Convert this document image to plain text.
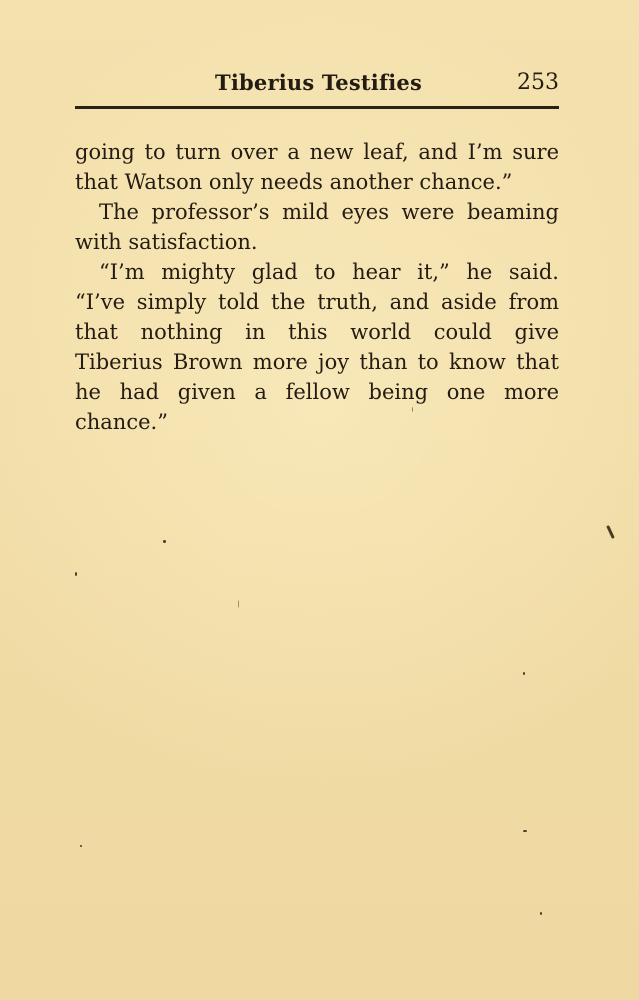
Tiberius Testifies	253
going to turn over a new leaf, and I’m sure
that Watson only needs another chance.”
The professor’s mild eyes were beaming
with satisfaction.
“I’m mighty glad to hear it,” he said.
“I’ve simply told the truth, and aside from
that nothing in this world could give
Tiberius Brown more joy than to know that
he had given a fellow being one more
chance.”
